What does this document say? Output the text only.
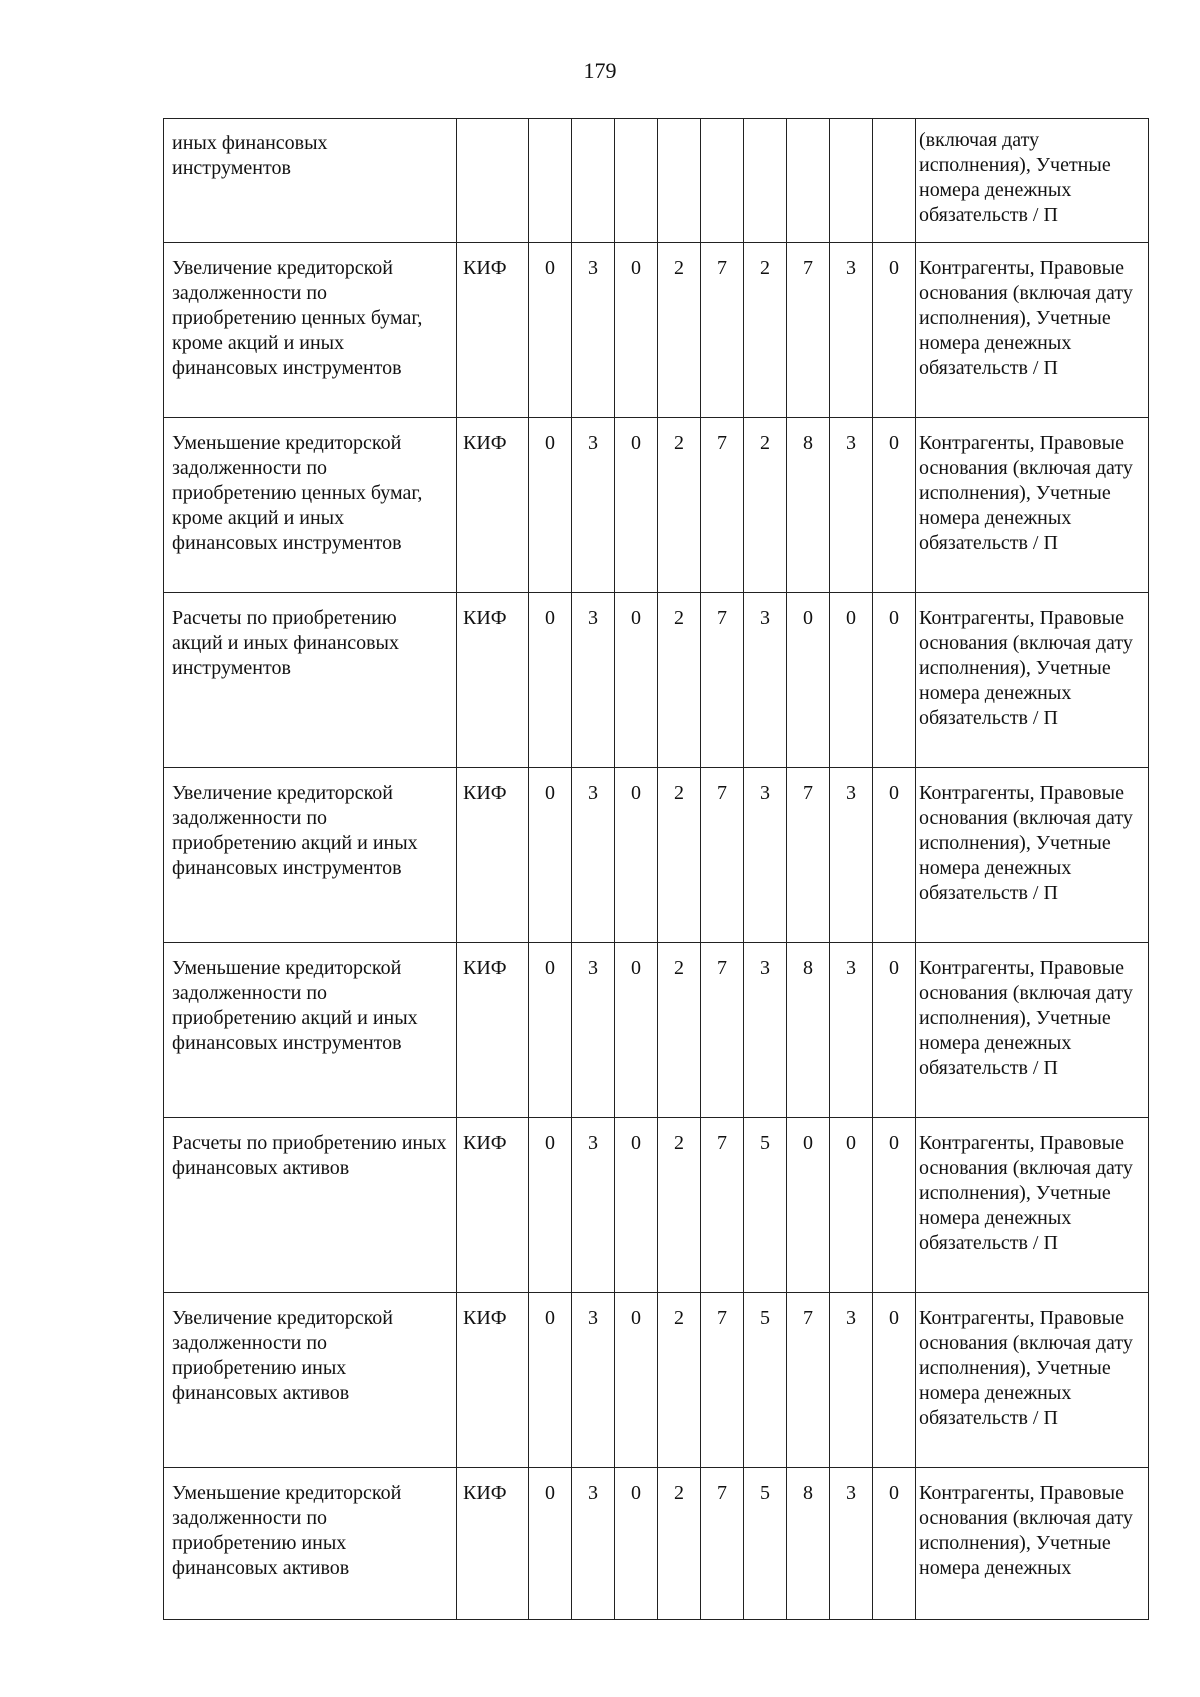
179
иных финансовых инструментов											(включая дату исполнения), Учетные номера денежных обязательств / П
Увеличение кредиторской задолженности по приобретению ценных бумаг, кроме акций и иных финансовых инструментов	КИФ	0	3	0	2	7	2	7	3	0	Контрагенты, Правовые основания (включая дату исполнения), Учетные номера денежных обязательств / П
Уменьшение кредиторской задолженности по приобретению ценных бумаг, кроме акций и иных финансовых инструментов	КИФ	0	3	0	2	7	2	8	3	0	Контрагенты, Правовые основания (включая дату исполнения), Учетные номера денежных обязательств / П
Расчеты по приобретению акций и иных финансовых инструментов	КИФ	0	3	0	2	7	3	0	0	0	Контрагенты, Правовые основания (включая дату исполнения), Учетные номера денежных обязательств / П
Увеличение кредиторской задолженности по приобретению акций и иных финансовых инструментов	КИФ	0	3	0	2	7	3	7	3	0	Контрагенты, Правовые основания (включая дату исполнения), Учетные номера денежных обязательств / П
Уменьшение кредиторской задолженности по приобретению акций и иных финансовых инструментов	КИФ	0	3	0	2	7	3	8	3	0	Контрагенты, Правовые основания (включая дату исполнения), Учетные номера денежных обязательств / П
Расчеты по приобретению иных финансовых активов	КИФ	0	3	0	2	7	5	0	0	0	Контрагенты, Правовые основания (включая дату исполнения), Учетные номера денежных обязательств / П
Увеличение кредиторской задолженности по приобретению иных финансовых активов	КИФ	0	3	0	2	7	5	7	3	0	Контрагенты, Правовые основания (включая дату исполнения), Учетные номера денежных обязательств / П
Уменьшение кредиторской задолженности по приобретению иных финансовых активов	КИФ	0	3	0	2	7	5	8	3	0	Контрагенты, Правовые основания (включая дату исполнения), Учетные номера денежных
